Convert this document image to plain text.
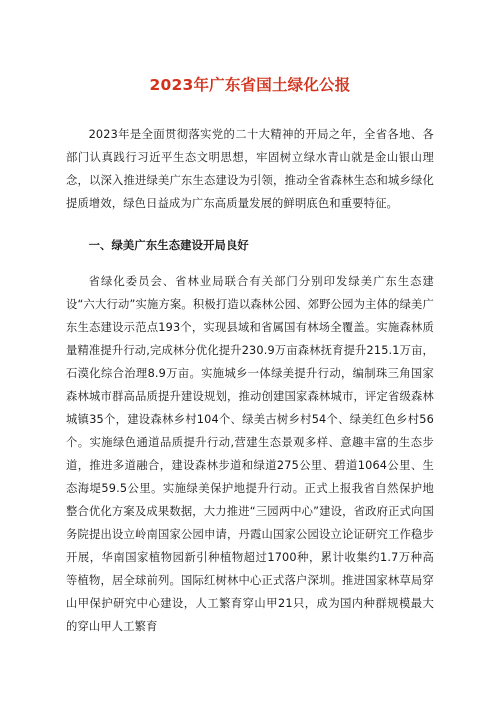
2023年广东省国土绿化公报

2023年是全面贯彻落实党的二十大精神的开局之年，全省各地、各部门认真践行习近平生态文明思想，牢固树立绿水青山就是金山银山理念，以深入推进绿美广东生态建设为引领，推动全省森林生态和城乡绿化提质增效，绿色日益成为广东高质量发展的鲜明底色和重要特征。

一、绿美广东生态建设开局良好

省绿化委员会、省林业局联合有关部门分别印发绿美广东生态建设“六大行动”实施方案。积极打造以森林公园、郊野公园为主体的绿美广东生态建设示范点193个，实现县域和省属国有林场全覆盖。实施森林质量精准提升行动,完成林分优化提升230.9万亩森林抚育提升215.1万亩，石漠化综合治理8.9万亩。实施城乡一体绿美提升行动，编制珠三角国家森林城市群高品质提升建设规划，推动创建国家森林城市，评定省级森林城镇35个，建设森林乡村104个、绿美古树乡村54个、绿美红色乡村56个。实施绿色通道品质提升行动,营建生态景观多样、意趣丰富的生态步道，推进多道融合，建设森林步道和绿道275公里、碧道1064公里、生态海堤59.5公里。实施绿美保护地提升行动。正式上报我省自然保护地整合优化方案及成果数据，大力推进“三园两中心”建设，省政府正式向国务院提出设立岭南国家公园申请，丹霞山国家公园设立论证研究工作稳步开展，华南国家植物园新引种植物超过1700种，累计收集约1.7万种高等植物，居全球前列。国际红树林中心正式落户深圳。推进国家林草局穿山甲保护研究中心建设，人工繁育穿山甲21只，成为国内种群规模最大的穿山甲人工繁育
